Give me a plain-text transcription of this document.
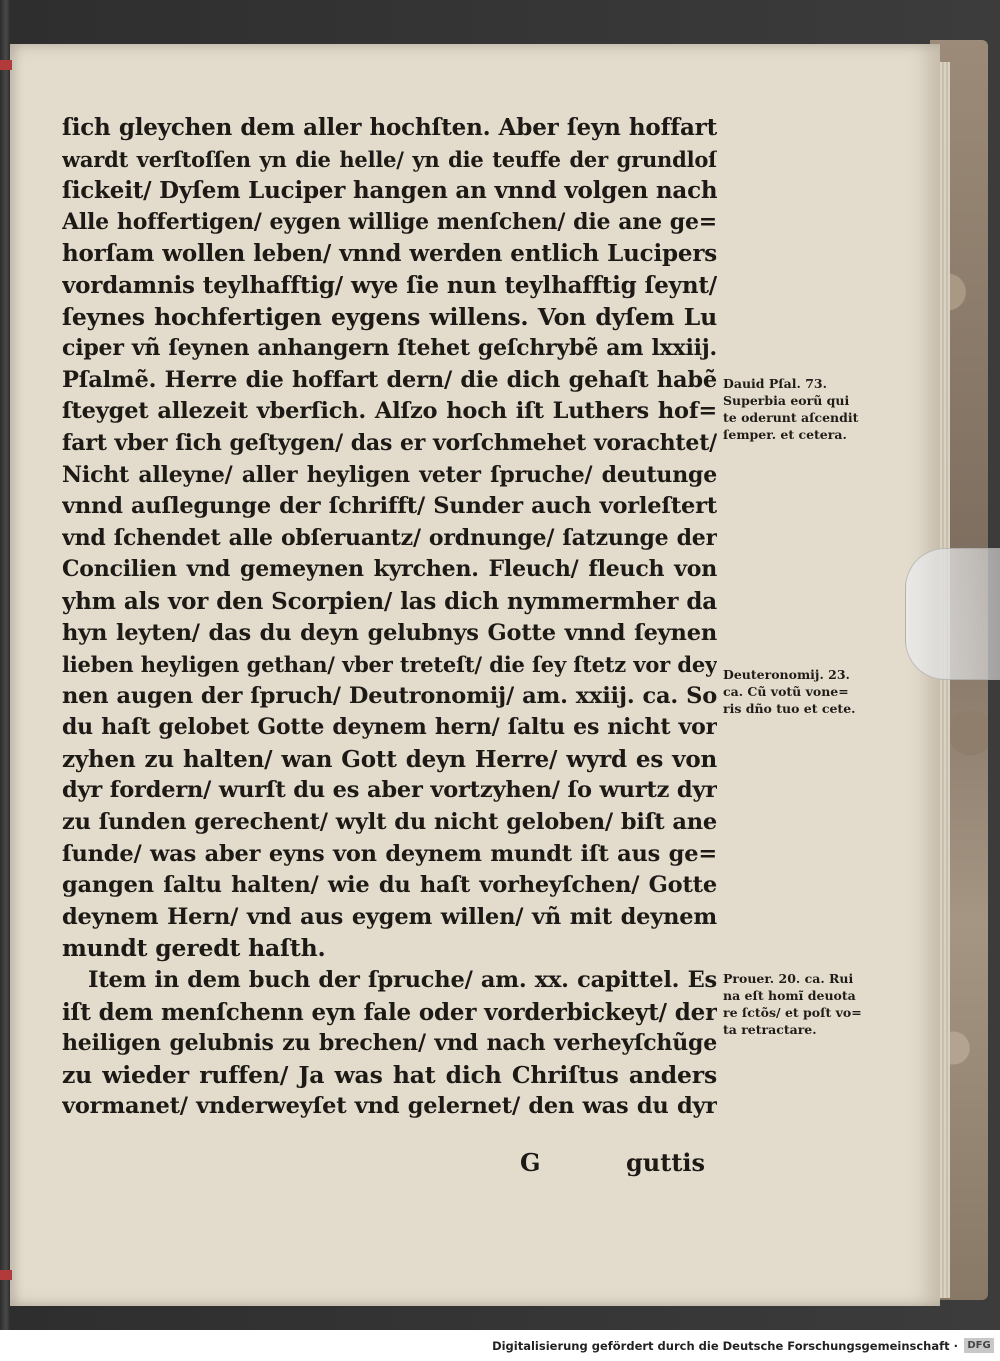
ſich gleychen dem aller hochſten. Aber ſeyn hoffart
wardt verſtoſſen yn die helle/ yn die teuffe der grundloſ
ſickeit/ Dyſem Luciper hangen an vnnd volgen nach
Alle hoffertigen/ eygen willige menſchen/ die ane ge=
horſam wollen leben/ vnnd werden entlich Lucipers
vordamnis teylhafftig/ wye ſie nun teylhafftig ſeynt/
ſeynes hochfertigen eygens willens. Von dyſem Lu
ciper vñ ſeynen anhangern ſtehet geſchrybẽ am lxxiij.
Pſalmẽ. Herre die hoffart dern/ die dich gehaſt habẽ
ſteyget allezeit vberſich. Alſzo hoch iſt Luthers hof=
fart vber ſich geſtygen/ das er vorſchmehet vorachtet/
Nicht alleyne/ aller heyligen veter ſpruche/ deutunge
vnnd auſlegunge der ſchrifft/ Sunder auch vorleſtert
vnd ſchendet alle obſeruantz/ ordnunge/ ſatzunge der
Concilien vnd gemeynen kyrchen. Fleuch/ fleuch von
yhm als vor den Scorpien/ las dich nymmermher da
hyn leyten/ das du deyn gelubnys Gotte vnnd ſeynen
lieben heyligen gethan/ vber treteſt/ die ſey ſtetz vor dey
nen augen der ſpruch/ Deutronomij/ am. xxiij. ca. So
du haſt gelobet Gotte deynem hern/ ſaltu es nicht vor
zyhen zu halten/ wan Gott deyn Herre/ wyrd es von
dyr fordern/ wurſt du es aber vortzyhen/ ſo wurtz dyr
zu ſunden gerechent/ wylt du nicht geloben/ biſt ane
ſunde/ was aber eyns von deynem mundt iſt aus ge=
gangen ſaltu halten/ wie du haſt vorheyſchen/ Gotte
deynem Hern/ vnd aus eygem willen/ vñ mit deynem
mundt geredt haſth.
Item in dem buch der ſpruche/ am. xx. capittel. Es
iſt dem menſchenn eyn fale oder vorderbickeyt/ der
heiligen gelubnis zu brechen/ vnd nach verheyſchũge
zu wieder ruffen/ Ja was hat dich Chriſtus anders
vormanet/ vnderweyſet vnd gelernet/ den was du dyr
G	guttis
Dauid Pſal. 73.
Superbia eorũ qui
te oderunt aſcendit
ſemper. et cetera.
Deuteronomij. 23.
ca. Cũ votũ vone=
ris dño tuo et cete.
Prouer. 20. ca. Rui
na eſt homĩ deuota
re ſctõs/ et poſt vo=
ta retractare.
Digitalisierung gefördert durch die Deutsche Forschungsgemeinschaft · DFG
